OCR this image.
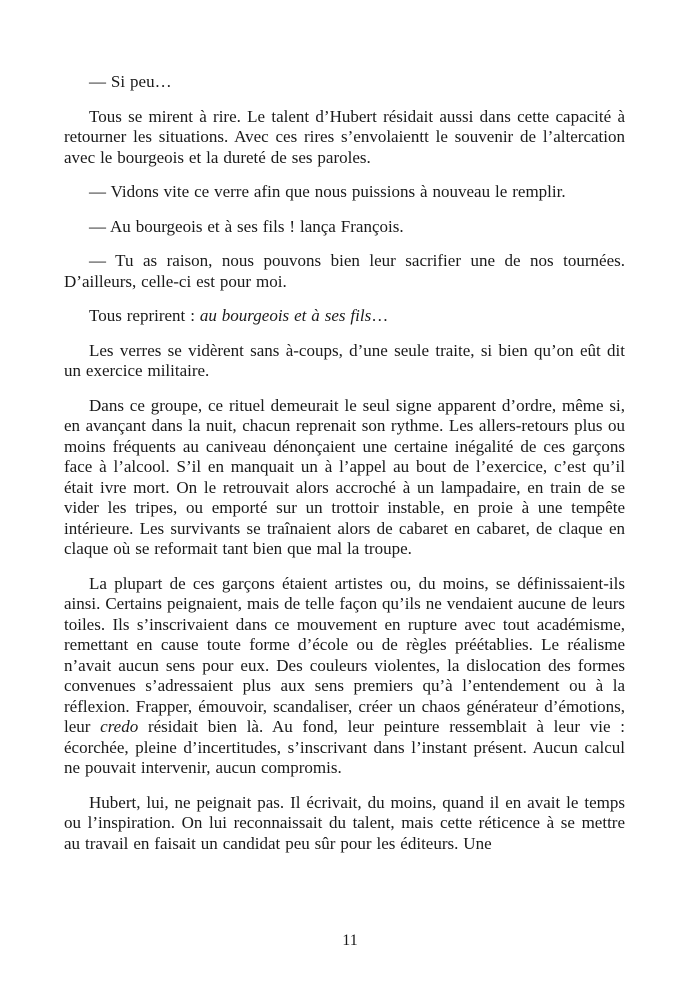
— Si peu…

Tous se mirent à rire. Le talent d’Hubert résidait aussi dans cette capacité à retourner les situations. Avec ces rires s’envolaientt le souvenir de l’altercation avec le bourgeois et la dureté de ses paroles.

— Vidons vite ce verre afin que nous puissions à nouveau le remplir.

— Au bourgeois et à ses fils ! lança François.

— Tu as raison, nous pouvons bien leur sacrifier une de nos tournées. D’ailleurs, celle-ci est pour moi.

Tous reprirent : au bourgeois et à ses fils…

Les verres se vidèrent sans à-coups, d’une seule traite, si bien qu’on eût dit un exercice militaire.

Dans ce groupe, ce rituel demeurait le seul signe apparent d’ordre, même si, en avançant dans la nuit, chacun reprenait son rythme. Les allers-retours plus ou moins fréquents au caniveau dénonçaient une certaine inégalité de ces garçons face à l’alcool. S’il en manquait un à l’appel au bout de l’exercice, c’est qu’il était ivre mort. On le retrouvait alors accroché à un lampadaire, en train de se vider les tripes, ou emporté sur un trottoir instable, en proie à une tempête intérieure. Les survivants se traînaient alors de cabaret en cabaret, de claque en claque où se reformait tant bien que mal la troupe.

La plupart de ces garçons étaient artistes ou, du moins, se définissaient-ils ainsi. Certains peignaient, mais de telle façon qu’ils ne vendaient aucune de leurs toiles. Ils s’inscrivaient dans ce mouvement en rupture avec tout académisme, remettant en cause toute forme d’école ou de règles préétablies. Le réalisme n’avait aucun sens pour eux. Des couleurs violentes, la dislocation des formes convenues s’adressaient plus aux sens premiers qu’à l’entendement ou à la réflexion. Frapper, émouvoir, scandaliser, créer un chaos générateur d’émotions, leur credo résidait bien là. Au fond, leur peinture ressemblait à leur vie : écorchée, pleine d’incertitudes, s’inscrivant dans l’instant présent. Aucun calcul ne pouvait intervenir, aucun compromis.

Hubert, lui, ne peignait pas. Il écrivait, du moins, quand il en avait le temps ou l’inspiration. On lui reconnaissait du talent, mais cette réticence à se mettre au travail en faisait un candidat peu sûr pour les éditeurs. Une

11
